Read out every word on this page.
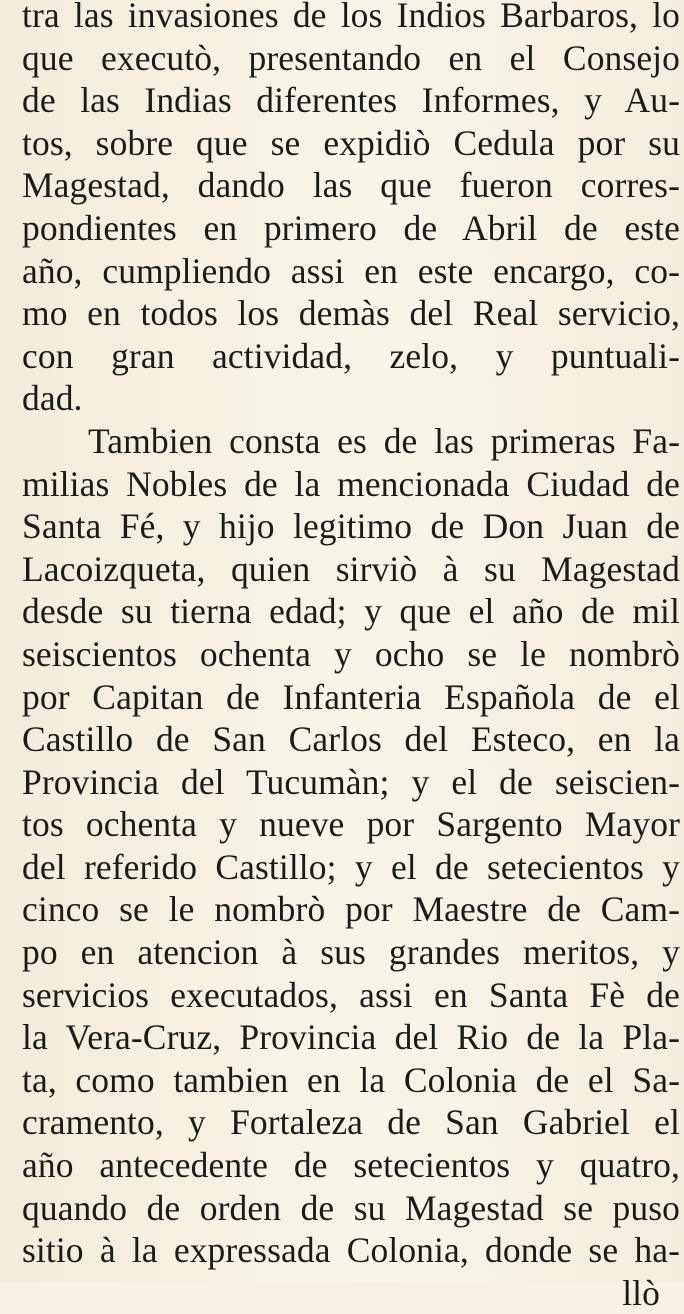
tra las invasiones de los Indios Barbaros, lo
que executò, presentando en el Consejo
de las Indias diferentes Informes, y Au-
tos, sobre que se expidiò Cedula por su
Magestad, dando las que fueron corres-
pondientes en primero de Abril de este
año, cumpliendo assi en este encargo, co-
mo en todos los demàs del Real servicio,
con gran actividad, zelo, y puntuali-
dad.
Tambien consta es de las primeras Fa-
milias Nobles de la mencionada Ciudad de
Santa Fé, y hijo legitimo de Don Juan de
Lacoizqueta, quien sirviò à su Magestad
desde su tierna edad; y que el año de mil
seiscientos ochenta y ocho se le nombrò
por Capitan de Infanteria Española de el
Castillo de San Carlos del Esteco, en la
Provincia del Tucumàn; y el de seiscien-
tos ochenta y nueve por Sargento Mayor
del referido Castillo; y el de setecientos y
cinco se le nombrò por Maestre de Cam-
po en atencion à sus grandes meritos, y
servicios executados, assi en Santa Fè de
la Vera-Cruz, Provincia del Rio de la Pla-
ta, como tambien en la Colonia de el Sa-
cramento, y Fortaleza de San Gabriel el
año antecedente de setecientos y quatro,
quando de orden de su Magestad se puso
sitio à la expressada Colonia, donde se ha-
llò
